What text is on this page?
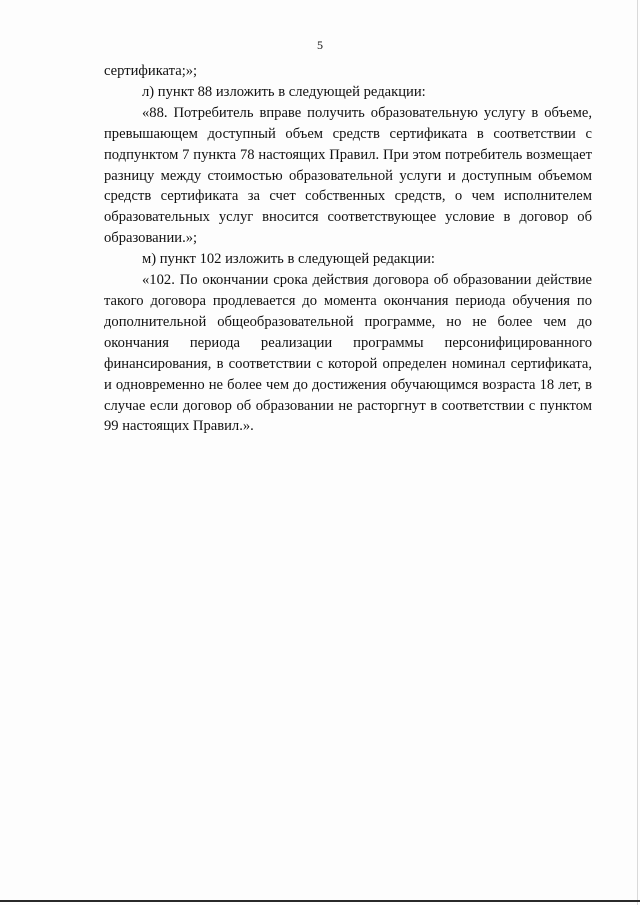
5

сертификата;»;

л) пункт 88 изложить в следующей редакции:

«88. Потребитель вправе получить образовательную услугу в объеме, превышающем доступный объем средств сертификата в соответствии с подпунктом 7 пункта 78 настоящих Правил. При этом потребитель возмещает разницу между стоимостью образовательной услуги и доступным объемом средств сертификата за счет собственных средств, о чем исполнителем образовательных услуг вносится соответствующее условие в договор об образовании.»;

м) пункт 102 изложить в следующей редакции:

«102. По окончании срока действия договора об образовании действие такого договора продлевается до момента окончания периода обучения по дополнительной общеобразовательной программе, но не более чем до окончания периода реализации программы персонифицированного финансирования, в соответствии с которой определен номинал сертификата, и одновременно не более чем до достижения обучающимся возраста 18 лет, в случае если договор об образовании не расторгнут в соответствии с пунктом 99 настоящих Правил.».
